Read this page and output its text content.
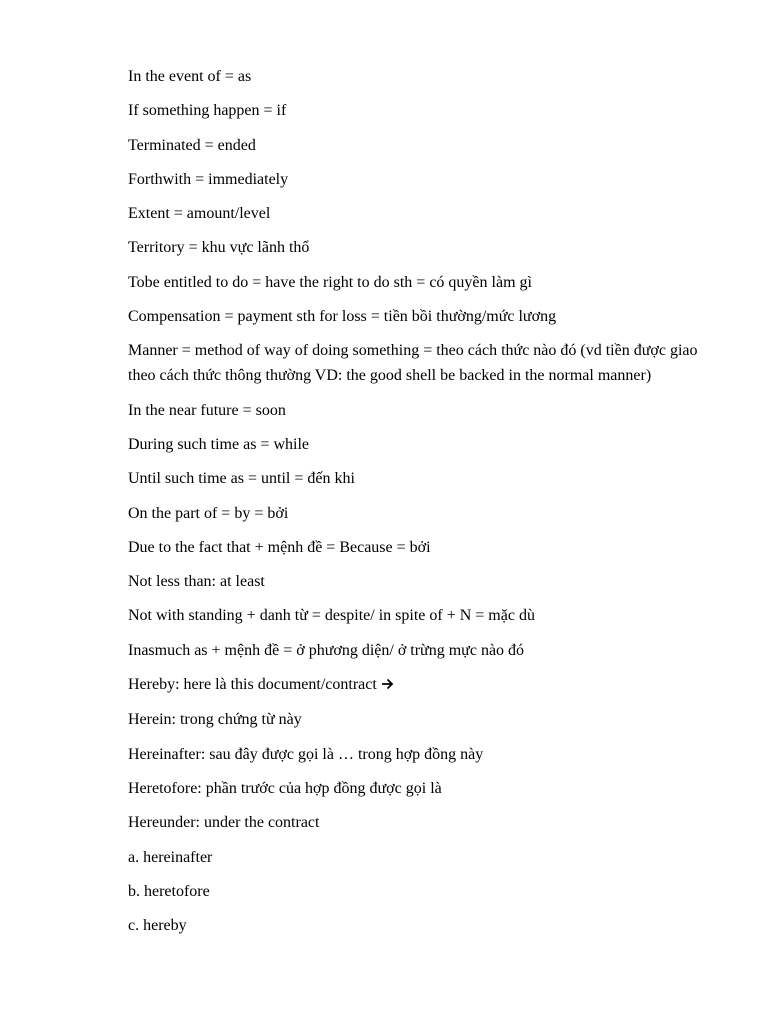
In the event of = as
If something happen = if
Terminated = ended
Forthwith = immediately
Extent = amount/level
Territory = khu vực lãnh thổ
Tobe entitled to do = have the right to do sth = có quyền làm gì
Compensation = payment sth for loss = tiền bồi thường/mức lương
Manner = method of way of doing something = theo cách thức nào đó (vd tiền được giao theo cách thức thông thường VD: the good shell be backed in the normal manner)
In the near future = soon
During such time as = while
Until such time as = until = đến khi
On the part of = by = bởi
Due to the fact that + mệnh đề = Because = bởi
Not less than: at least
Not with standing + danh từ = despite/ in spite of + N = mặc dù
Inasmuch as + mệnh đề = ở phương diện/ ở trừng mực nào đó
Hereby: here là this document/contract
Herein: trong chứng từ này
Hereinafter: sau đây được gọi là … trong hợp đồng này
Heretofore: phần trước của hợp đồng được gọi là
Hereunder: under the contract
a. hereinafter
b. heretofore
c. hereby
